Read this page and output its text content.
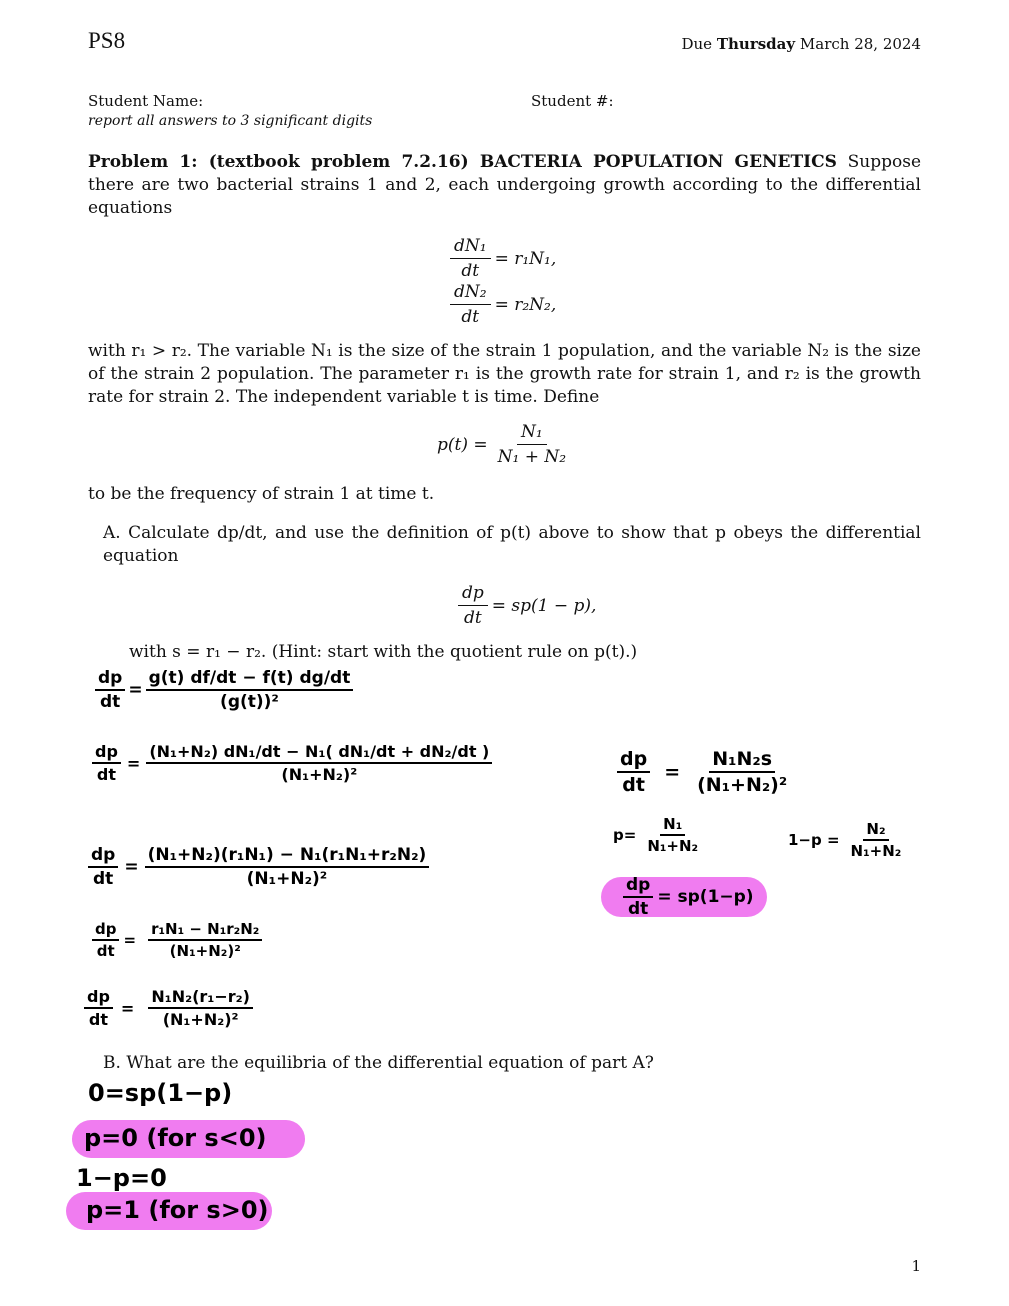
PS8	Due Thursday March 28, 2024
Student Name:	Student #:
report all answers to 3 significant digits
Problem 1: (textbook problem 7.2.16) BACTERIA POPULATION GENETICS Suppose there are two bacterial strains 1 and 2, each undergoing growth according to the differential equations
$\frac{\text{dN₁}}{dt} = r_1N_1$,
$\frac{\text{dN₂}}{dt} = r_2N_2$,
with r₁ > r₂. The variable N₁ is the size of the strain 1 population, and the variable N₂ is the size of the strain 2 population. The parameter r₁ is the growth rate for strain 1, and r₂ is the growth rate for strain 2. The independent variable t is time. Define
$p(t) = \frac{\text{N₁}}{\text{N₁ + N₂}}$
to be the frequency of strain 1 at time t.
A. Calculate dp/dt, and use the definition of p(t) above to show that p obeys the differential equation
$\frac{dp}{dt} = sp(1 - p)$,
with s = r₁ − r₂. (Hint: start with the quotient rule on p(t).)
$\frac{dp}{dt} = \frac{g(t) df/dt - f(t) dg/dt}{\text{(g(t))²}}$
$\frac{dp}{dt} = \frac{\text{(N₁+N₂) dN₁/dt − N₁( dN₁/dt + dN₂/dt )}}{\text{(N₁+N₂)²}}$
$\frac{dp}{dt} = \frac{\text{(N₁+N₂)(r₁N₁) − N₁(r₁N₁+r₂N₂)}}{\text{(N₁+N₂)²}}$
$\frac{dp}{dt} = \frac{\text{r₁N₁ − N₁r₂N₂}}{\text{(N₁+N₂)²}}$
$\frac{dp}{dt} = \frac{\text{N₁N₂(r₁−r₂)}}{\text{(N₁+N₂)²}}$
$\frac{dp}{dt} = \frac{\text{N₁N₂s}}{\text{(N₁+N₂)²}}$
$p= \frac{\text{N₁}}{\text{N₁+N₂}}$	$1-p = \frac{\text{N₂}}{\text{N₁+N₂}}$
$\frac{dp}{dt} = sp(1-p)$
B. What are the equilibria of the differential equation of part A?
0=sp(1−p)
p=0 (for s<0)
1−p=0
p=1 (for s>0)
1
